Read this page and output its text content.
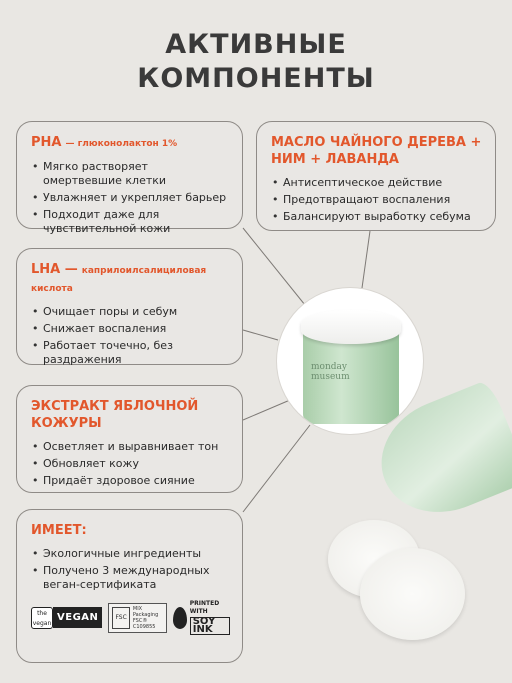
АКТИВНЫЕ
КОМПОНЕНТЫ
PHA — глюконолактон 1%
• Мягко растворяет омертвевшие клетки
• Увлажняет и укрепляет барьер
• Подходит даже для чувствительной кожи
МАСЛО ЧАЙНОГО ДЕРЕВА + НИМ + ЛАВАНДА
• Антисептическое действие
• Предотвращают воспаления
• Балансируют выработку себума
LHA — каприлоилсалициловая кислота
• Очищает поры и себум
• Снижает воспаления
• Работает точечно, без раздражения
ЭКСТРАКТ ЯБЛОЧНОЙ КОЖУРЫ
• Осветляет и выравнивает тон
• Обновляет кожу
• Придаёт здоровое сияние
ИМЕЕТ:
• Экологичные ингредиенты
• Получено 3 международных веган-сертификата
the vegan VEGAN	FSC
MIX
Packaging
FSC® C109855
PRINTED WITH
SOY INK
monday
museum
